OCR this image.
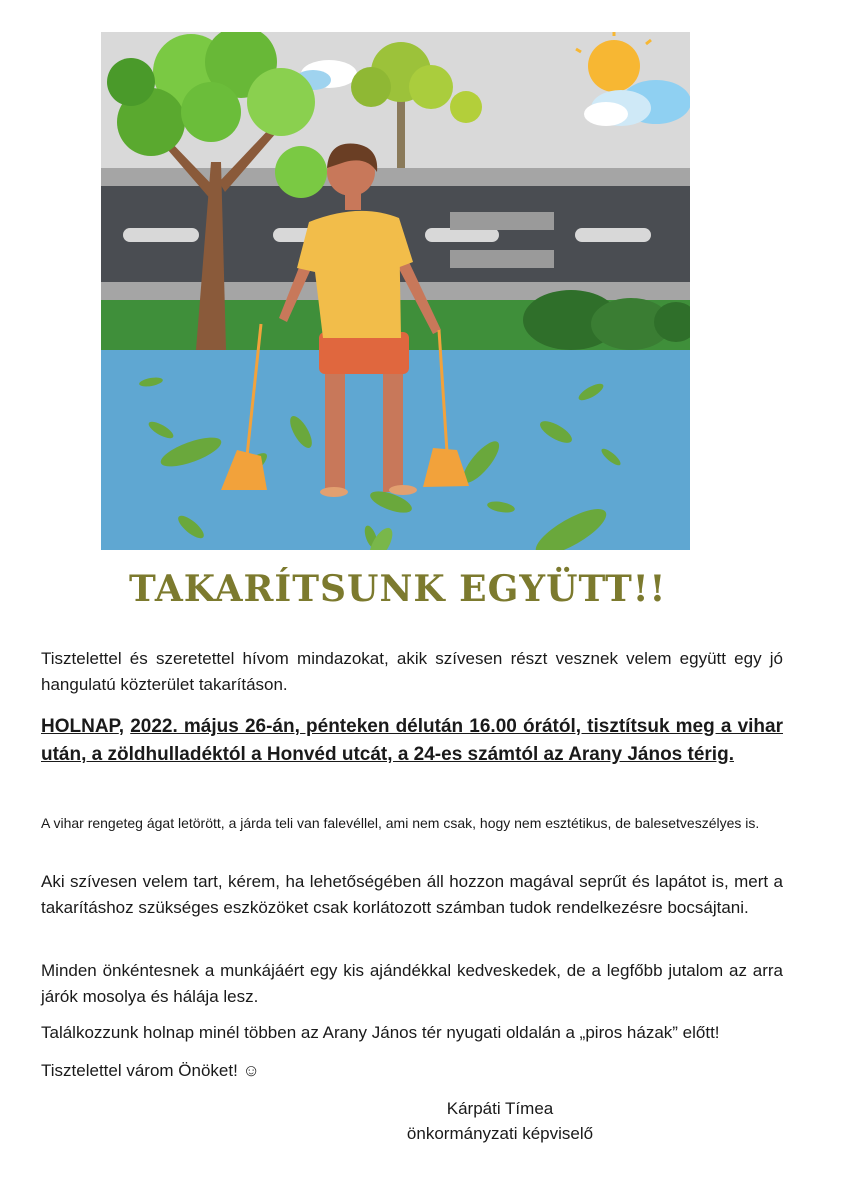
TAKARÍTSUNK EGYÜTT!!

Tisztelettel és szeretettel hívom mindazokat, akik szívesen részt vesznek velem együtt egy jó hangulatú közterület takarításon.

HOLNAP, 2022. május 26-án, pénteken délután 16.00 órától, tisztítsuk meg a vihar után, a zöldhulladéktól a Honvéd utcát, a 24-es számtól az Arany János térig.

A vihar rengeteg ágat letörött, a járda teli van falevéllel, ami nem csak, hogy nem esztétikus, de balesetveszélyes is.

Aki szívesen velem tart, kérem, ha lehetőségében áll hozzon magával seprűt és lapátot is, mert a takarításhoz szükséges eszközöket csak korlátozott számban tudok rendelkezésre bocsájtani.

Minden önkéntesnek a munkájáért egy kis ajándékkal kedveskedek, de a legfőbb jutalom az arra járók mosolya és hálája lesz.

Találkozzunk holnap minél többen az Arany János tér nyugati oldalán a „piros házak” előtt!

Tisztelettel várom Önöket! ☺

Kárpáti Tímea
önkormányzati képviselő
